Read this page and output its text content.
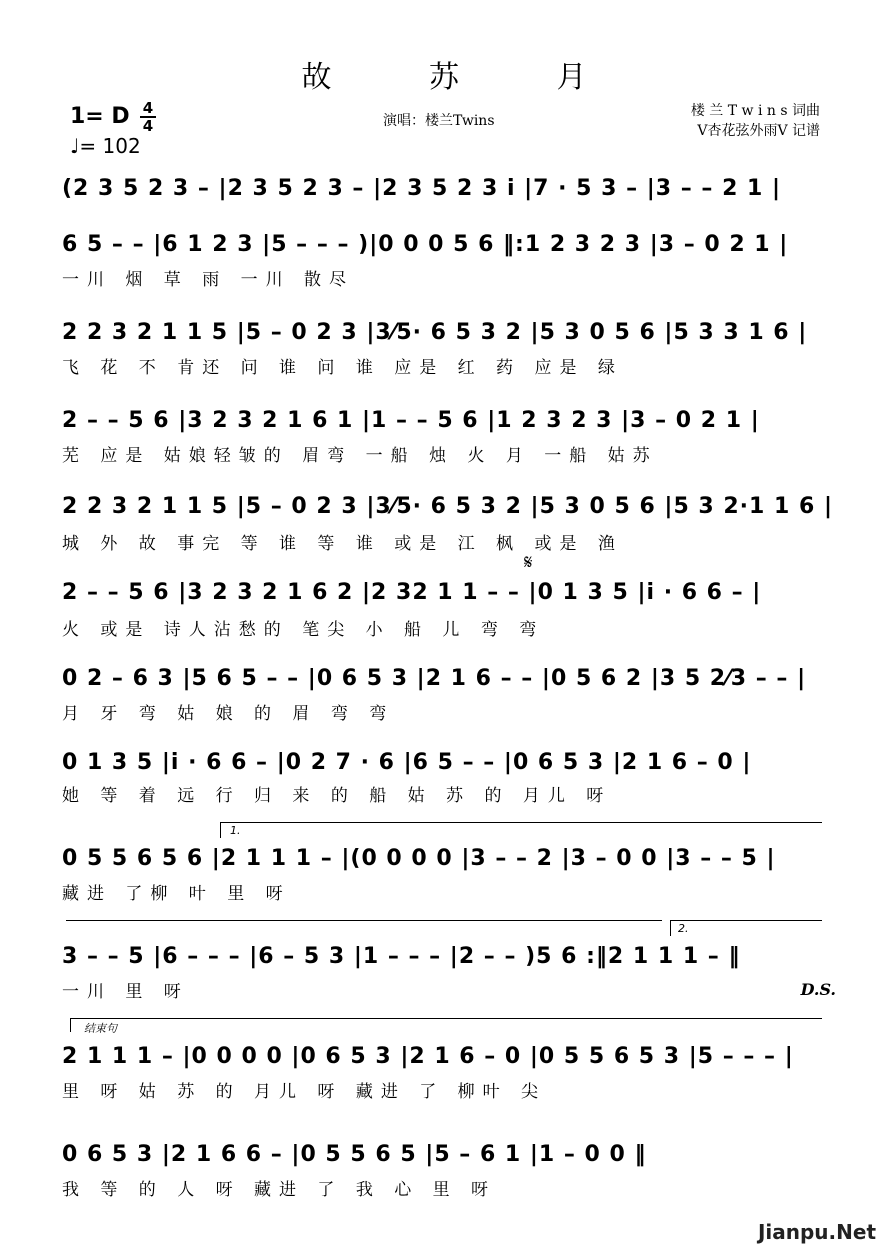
故 苏 月
1= D 4
4
♩= 102
演唱：楼兰Twins
楼 兰 T w i n s 词曲
V杏花弦外雨V 记谱
(2 3 5 2 3 – |2 3 5 2 3 – |2 3 5 2 3 i |7 · 5 3 – |3 – – 2 1 |
6 5 – – |6 1 2 3 |5 – – – )|0 0 0 5 6 ‖:1 2 3 2 3 |3 – 0 2 1 |
一川 烟 草 雨 一川 散尽
2 2 3 2 1 1 5 |5 – 0 2 3 |3⁄5· 6 5 3 2 |5 3 0 5 6 |5 3 3 1 6 |
飞 花 不 肯还 问 谁 问 谁 应是 红 药 应是 绿
2 – – 5 6 |3 2 3 2 1 6 1 |1 – – 5 6 |1 2 3 2 3 |3 – 0 2 1 |
芜 应是 姑娘轻皱的 眉弯 一船 烛 火 月 一船 姑苏
2 2 3 2 1 1 5 |5 – 0 2 3 |3⁄5· 6 5 3 2 |5 3 0 5 6 |5 3 2·1 1 6 |
城 外 故 事完 等 谁 等 谁 或是 江 枫 或是 渔
𝄋
2 – – 5 6 |3 2 3 2 1 6 2 |2 32 1 1 – – |0 1 3 5 |i · 6 6 – |
火 或是 诗人沾愁的 笔尖 小 船 儿 弯 弯
0 2 – 6 3 |5 6 5 – – |0 6 5 3 |2 1 6 – – |0 5 6 2 |3 5 2⁄3 – – |
月 牙 弯 姑 娘 的 眉 弯 弯
0 1 3 5 |i · 6 6 – |0 2 7 · 6 |6 5 – – |0 6 5 3 |2 1 6 – 0 |
她 等 着 远 行 归 来 的 船 姑 苏 的 月儿 呀
1.
0 5 5 6 5 6 |2 1 1 1 – |(0 0 0 0 |3 – – 2 |3 – 0 0 |3 – – 5 |
藏进 了柳 叶 里 呀
2.
3 – – 5 |6 – – – |6 – 5 3 |1 – – – |2 – – )5 6 :‖2 1 1 1 – ‖
一川 里 呀	D.S.
结束句
2 1 1 1 – |0 0 0 0 |0 6 5 3 |2 1 6 – 0 |0 5 5 6 5 3 |5 – – – |
里 呀 姑 苏 的 月儿 呀 藏进 了 柳叶 尖
0 6 5 3 |2 1 6 6 – |0 5 5 6 5 |5 – 6 1 |1 – 0 0 ‖
我 等 的 人 呀 藏进 了 我 心 里 呀
Jianpu.Net
